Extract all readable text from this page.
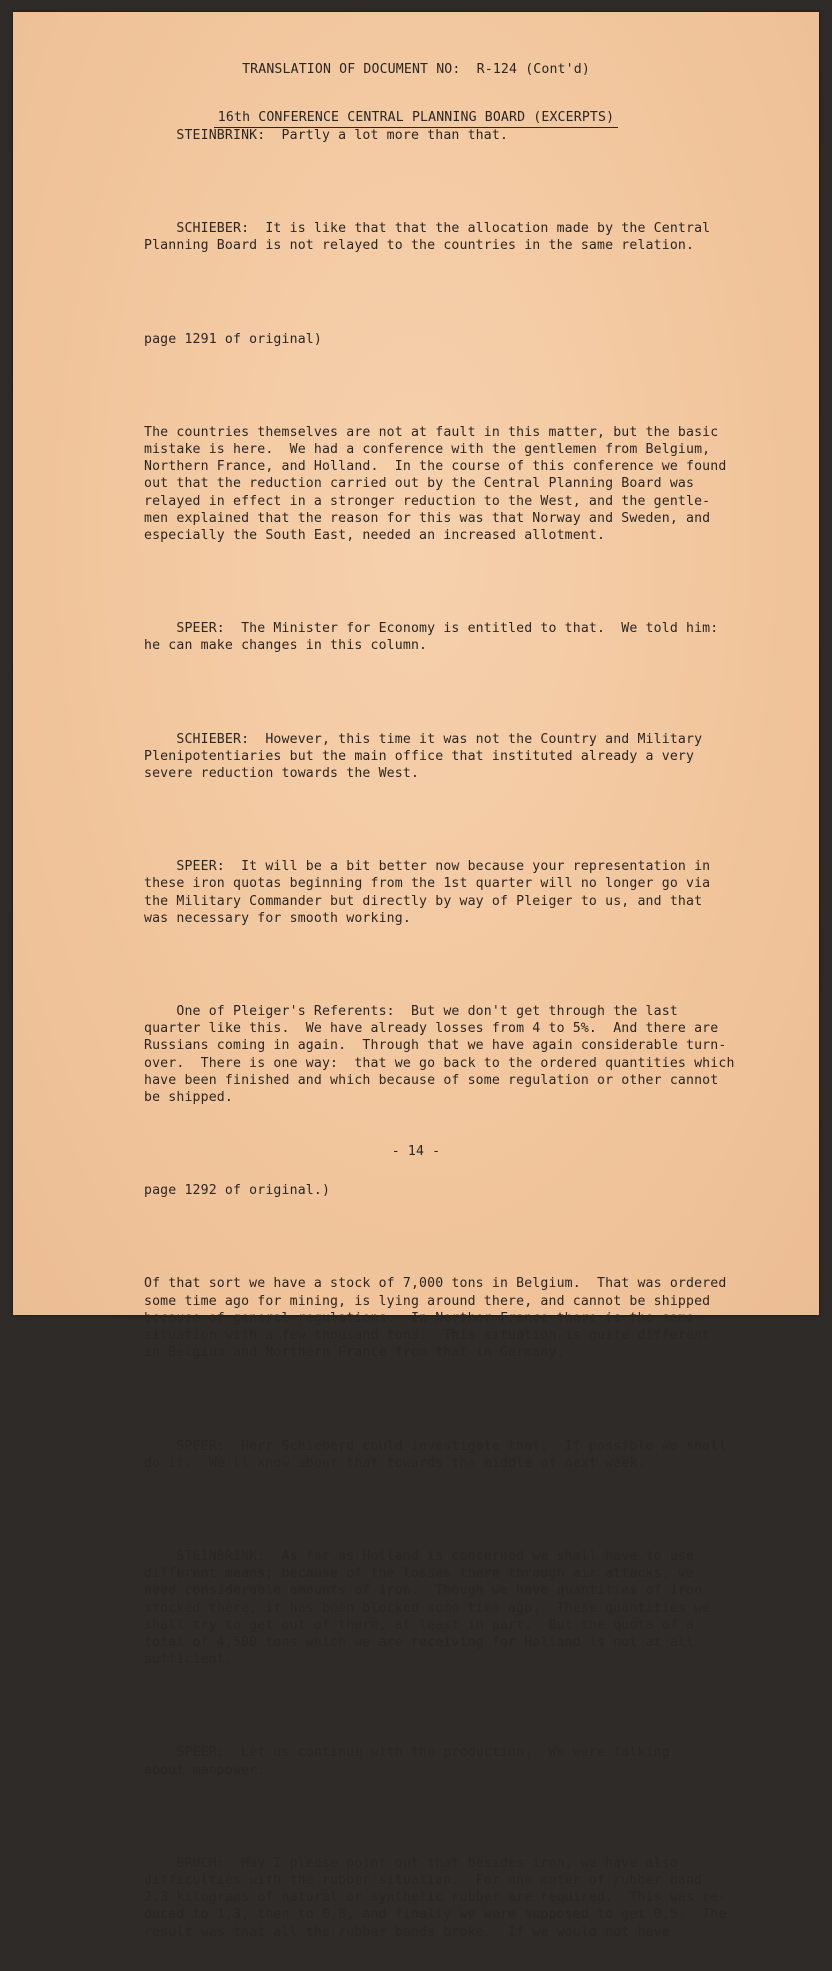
TRANSLATION OF DOCUMENT NO:  R-124 (Cont'd)

16th CONFERENCE CENTRAL PLANNING BOARD (EXCERPTS)

STEINBRINK:  Partly a lot more than that.

SCHIEBER:  It is like that that the allocation made by the Central
Planning Board is not relayed to the countries in the same relation.

page 1291 of original)

The countries themselves are not at fault in this matter, but the basic
mistake is here.  We had a conference with the gentlemen from Belgium,
Northern France, and Holland.  In the course of this conference we found
out that the reduction carried out by the Central Planning Board was
relayed in effect in a stronger reduction to the West, and the gentle-
men explained that the reason for this was that Norway and Sweden, and
especially the South East, needed an increased allotment.

SPEER:  The Minister for Economy is entitled to that.  We told him:
he can make changes in this column.

SCHIEBER:  However, this time it was not the Country and Military
Plenipotentiaries but the main office that instituted already a very
severe reduction towards the West.

SPEER:  It will be a bit better now because your representation in
these iron quotas beginning from the 1st quarter will no longer go via
the Military Commander but directly by way of Pleiger to us, and that
was necessary for smooth working.

One of Pleiger's Referents:  But we don't get through the last
quarter like this.  We have already losses from 4 to 5%.  And there are
Russians coming in again.  Through that we have again considerable turn-
over.  There is one way:  that we go back to the ordered quantities which
have been finished and which because of some regulation or other cannot
be shipped.

page 1292 of original.)

Of that sort we have a stock of 7,000 tons in Belgium.  That was ordered
some time ago for mining, is lying around there, and cannot be shipped
because of general regulations.  In Norther France there is the same
situation with a few thousand tons.  This situation is quite different
in Belgium and Northern France from that in Germany.

SPEER:  Herr Schieberd could investigate that.  If possible we shall
do it.  We'll know about that towards the middle of next week.

STEINBRINK:  As far as Holland is concerned we shall have to use
different means; because of the losses there through air attacks, we
need considerable amounts of iron.  Though we have quantities of iron
stocked there, it has been blocked some time ago.  These quantities we
shall try to get out of there, at least in part.  But the quota of a
total of 4,500 tons which we are receiving for Holland is not at all
sufficient.

SPEER:  Let us continue with the production.  We were talking
about manpower.

BRUCH:  May I please point out that besides iron, we have also
difficulties with the rubber situation.  For one meter of rubber band
2,3 kilograms of natural or synthetic rubber are required.  This was re-
duced to 1,3, then to 0,8, and finally we were supposed to get 0,5.  The
result was that all the rubber bands broke.  If we would not have

- 14 -
